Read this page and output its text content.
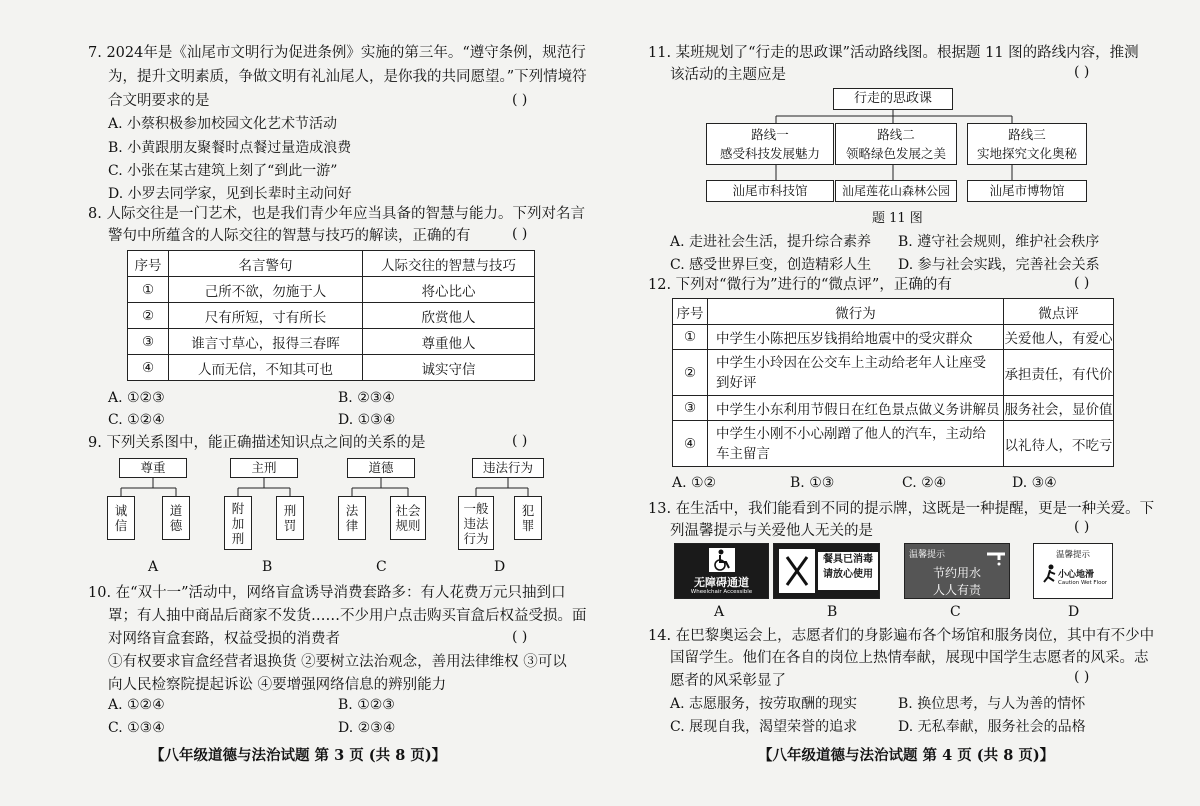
7. 2024年是《汕尾市文明行为促进条例》实施的第三年。“遵守条例，规范行
为，提升文明素质，争做文明有礼汕尾人，是你我的共同愿望。”下列情境符
合文明要求的是	( )
A. 小蔡积极参加校园文化艺术节活动
B. 小黄跟朋友聚餐时点餐过量造成浪费
C. 小张在某古建筑上刻了“到此一游”
D. 小罗去同学家，见到长辈时主动问好
8. 人际交往是一门艺术，也是我们青少年应当具备的智慧与能力。下列对名言
警句中所蕴含的人际交往的智慧与技巧的解读，正确的有	( )
序号	名言警句	人际交往的智慧与技巧
①	己所不欲，勿施于人	将心比心
②	尺有所短，寸有所长	欣赏他人
③	谁言寸草心，报得三春晖	尊重他人
④	人而无信，不知其可也	诚实守信
A. ①②③	B. ②③④
C. ①②④	D. ①③④
9. 下列关系图中，能正确描述知识点之间的关系的是	( )
尊重
诚
信
道
德
A
主刑
附
加
刑
刑
罚
B
道德
法
律
社会
规则
C
违法行为
一般
违法
行为
犯
罪
D
10. 在“双十一”活动中，网络盲盒诱导消费套路多：有人花费万元只抽到口
罩；有人抽中商品后商家不发货……不少用户点击购买盲盒后权益受损。面
对网络盲盒套路，权益受损的消费者	( )
①有权要求盲盒经营者退换货 ②要树立法治观念，善用法律维权 ③可以
向人民检察院提起诉讼 ④要增强网络信息的辨别能力
A. ①②④	B. ①②③
C. ①③④	D. ②③④
【八年级道德与法治试题 第 3 页 (共 8 页)】
11. 某班规划了“行走的思政课”活动路线图。根据题 11 图的路线内容，推测
该活动的主题应是	( )
行走的思政课
路线一
感受科技发展魅力
路线二
领略绿色发展之美
路线三
实地探究文化奥秘
汕尾市科技馆	汕尾莲花山森林公园	汕尾市博物馆
题 11 图
A. 走进社会生活，提升综合素养 B. 遵守社会规则，维护社会秩序
C. 感受世界巨变，创造精彩人生 D. 参与社会实践，完善社会关系
12. 下列对“微行为”进行的“微点评”，正确的有	( )
序号	微行为	微点评
①	中学生小陈把压岁钱捐给地震中的受灾群众	关爱他人，有爱心
②	中学生小玲因在公交车上主动给老年人让座受到好评	承担责任，有代价
③	中学生小东利用节假日在红色景点做义务讲解员	服务社会，显价值
④	中学生小刚不小心剐蹭了他人的汽车，主动给车主留言	以礼待人，不吃亏
A. ①②	B. ①③	C. ②④	D. ③④
13. 在生活中，我们能看到不同的提示牌，这既是一种提醒，更是一种关爱。下
列温馨提示与关爱他人无关的是	( )
无障碍通道
Wheelchair Accessible
A
餐具已消毒
请放心使用
B
温馨提示
节约用水
人人有责
C
温馨提示
小心地滑
Caution Wet Floor
D
14. 在巴黎奥运会上，志愿者们的身影遍布各个场馆和服务岗位，其中有不少中
国留学生。他们在各自的岗位上热情奉献，展现中国学生志愿者的风采。志
愿者的风采彰显了	( )
A. 志愿服务，按劳取酬的现实	B. 换位思考，与人为善的情怀
C. 展现自我，渴望荣誉的追求	D. 无私奉献，服务社会的品格
【八年级道德与法治试题 第 4 页 (共 8 页)】
